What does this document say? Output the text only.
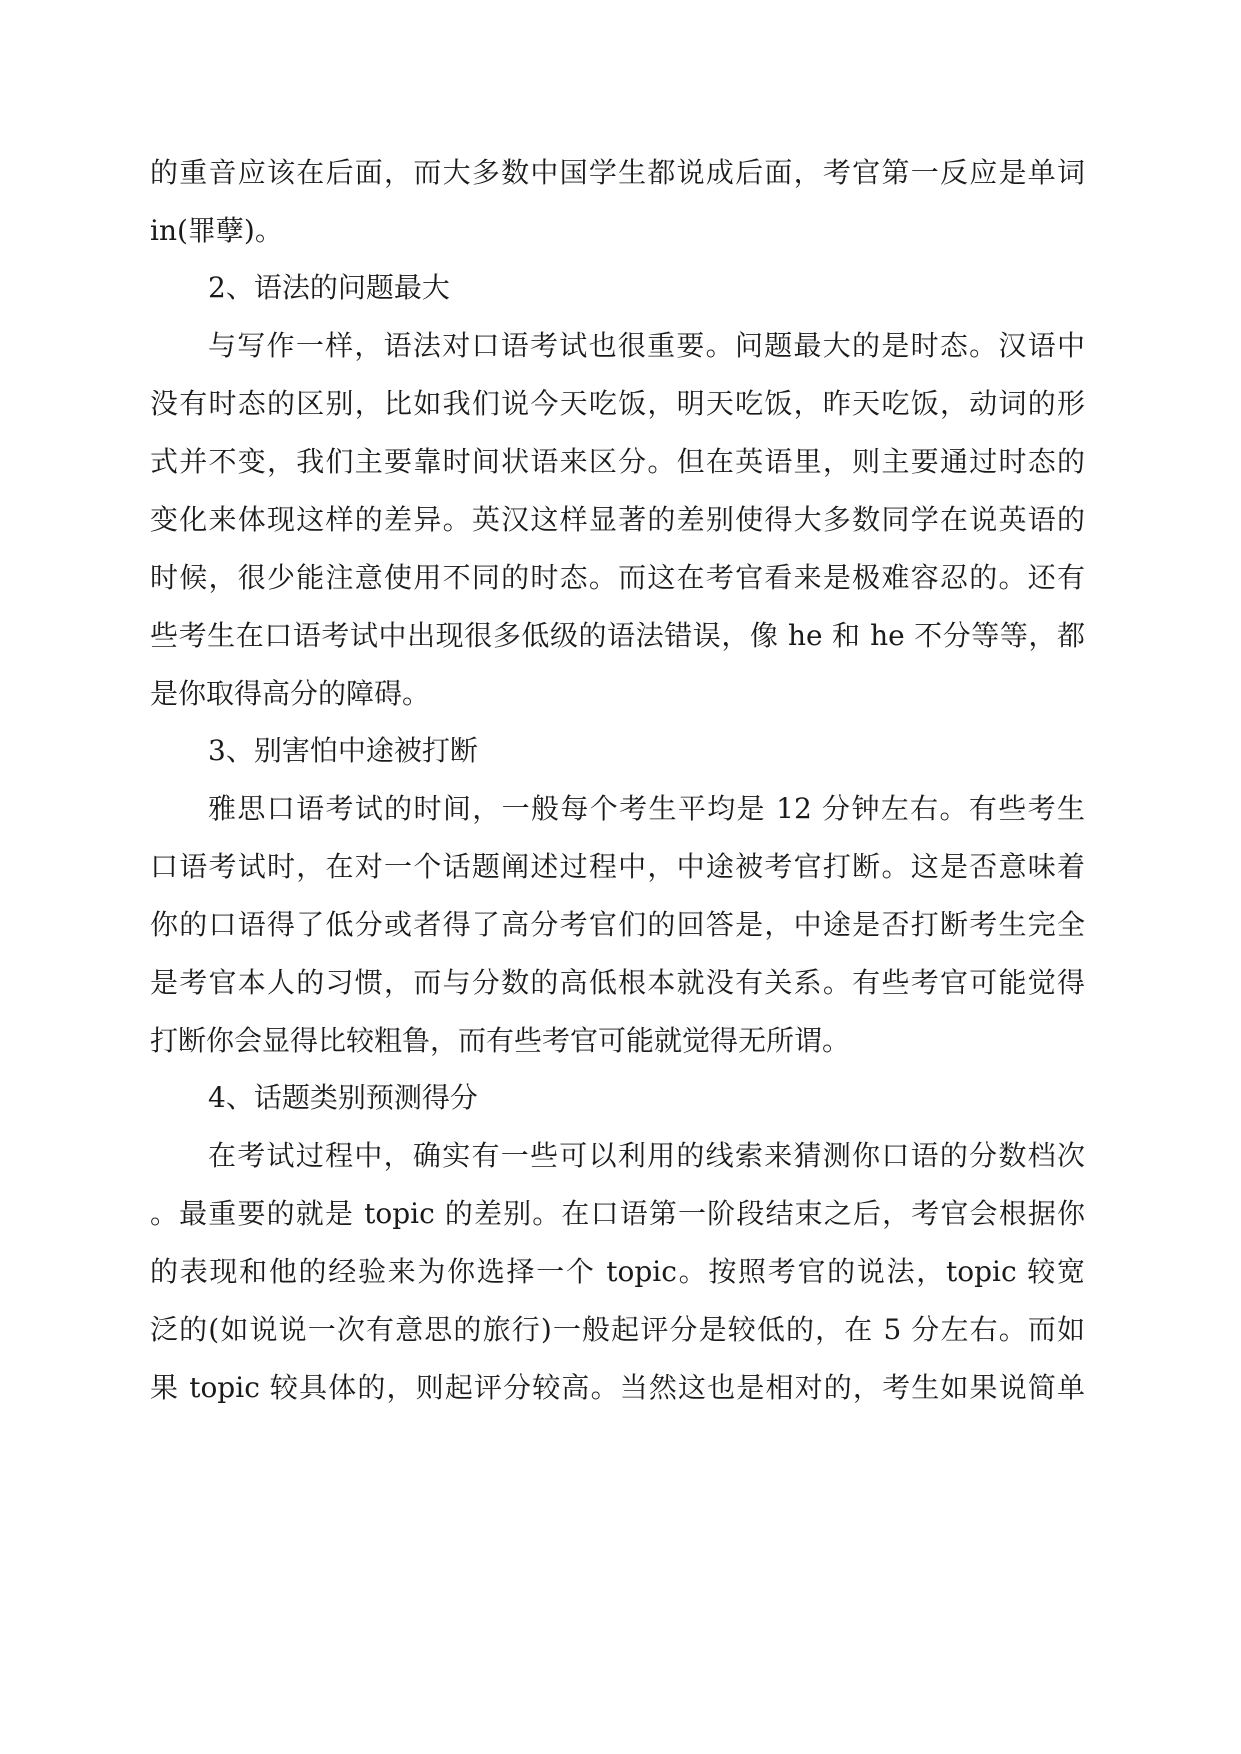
的重音应该在后面，而大多数中国学生都说成后面，考官第一反应是单词
in(罪孽)。
2、语法的问题最大
与写作一样，语法对口语考试也很重要。问题最大的是时态。汉语中
没有时态的区别，比如我们说今天吃饭，明天吃饭，昨天吃饭，动词的形
式并不变，我们主要靠时间状语来区分。但在英语里，则主要通过时态的
变化来体现这样的差异。英汉这样显著的差别使得大多数同学在说英语的
时候，很少能注意使用不同的时态。而这在考官看来是极难容忍的。还有
些考生在口语考试中出现很多低级的语法错误，像 he 和 he 不分等等，都
是你取得高分的障碍。
3、别害怕中途被打断
雅思口语考试的时间，一般每个考生平均是 12 分钟左右。有些考生
口语考试时，在对一个话题阐述过程中，中途被考官打断。这是否意味着
你的口语得了低分或者得了高分考官们的回答是，中途是否打断考生完全
是考官本人的习惯，而与分数的高低根本就没有关系。有些考官可能觉得
打断你会显得比较粗鲁，而有些考官可能就觉得无所谓。
4、话题类别预测得分
在考试过程中，确实有一些可以利用的线索来猜测你口语的分数档次
。最重要的就是 topic 的差别。在口语第一阶段结束之后，考官会根据你
的表现和他的经验来为你选择一个 topic。按照考官的说法，topic 较宽
泛的(如说说一次有意思的旅行)一般起评分是较低的，在 5 分左右。而如
果 topic 较具体的，则起评分较高。当然这也是相对的，考生如果说简单
